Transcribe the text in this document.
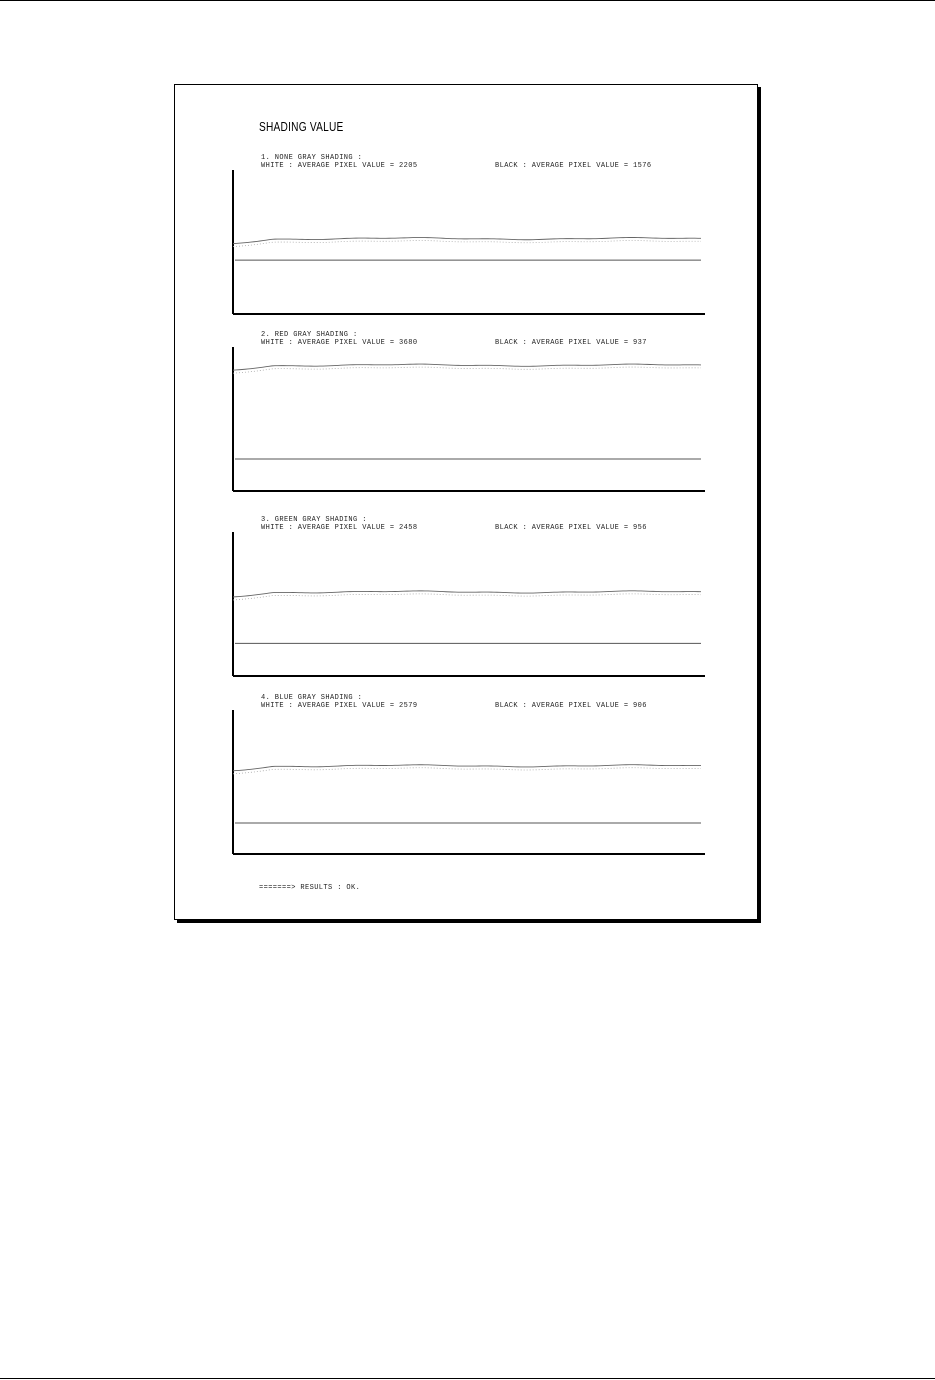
SHADING VALUE
1. NONE GRAY SHADING :
WHITE : AVERAGE PIXEL VALUE = 2205	BLACK : AVERAGE PIXEL VALUE = 1576
2. RED GRAY SHADING :
WHITE : AVERAGE PIXEL VALUE = 3680	BLACK : AVERAGE PIXEL VALUE = 937
3. GREEN GRAY SHADING :
WHITE : AVERAGE PIXEL VALUE = 2458	BLACK : AVERAGE PIXEL VALUE = 956
4. BLUE GRAY SHADING :
WHITE : AVERAGE PIXEL VALUE = 2579	BLACK : AVERAGE PIXEL VALUE = 906
=======> RESULTS : OK.
